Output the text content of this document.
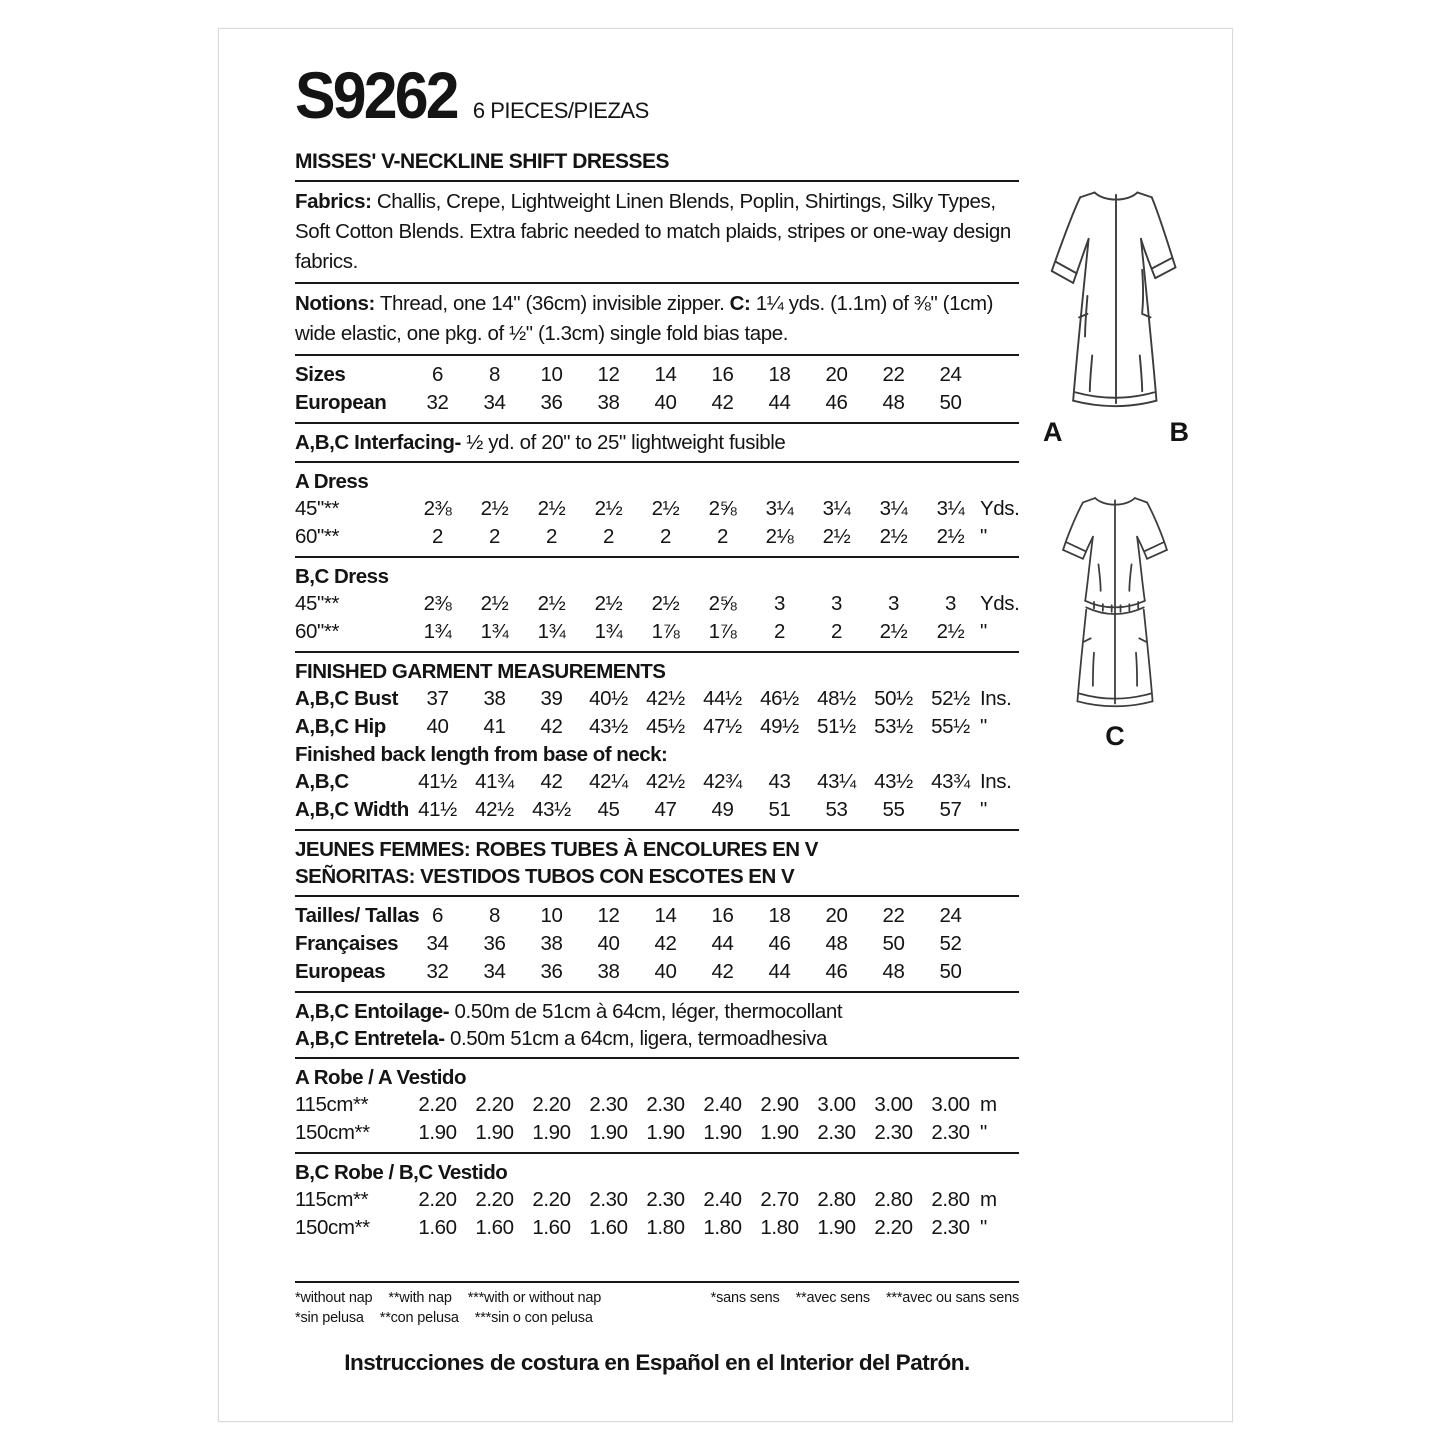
S9262 6 PIECES/PIEZAS
MISSES' V-NECKLINE SHIFT DRESSES
Fabrics: Challis, Crepe, Lightweight Linen Blends, Poplin, Shirtings, Silky Types, Soft Cotton Blends. Extra fabric needed to match plaids, stripes or one-way design fabrics.
Notions: Thread, one 14" (36cm) invisible zipper. C: 1¼ yds. (1.1m) of ⅜" (1cm) wide elastic, one pkg. of ½" (1.3cm) single fold bias tape.
Sizes	6	8	10	12	14	16	18	20	22	24
European	32	34	36	38	40	42	44	46	48	50
A,B,C Interfacing- ½ yd. of 20" to 25" lightweight fusible
A Dress
45"**	2⅜	2½	2½	2½	2½	2⅝	3¼	3¼	3¼	3¼ Yds.
60"**	2	2	2	2	2	2	2⅛	2½	2½	2½ "
B,C Dress
45"**	2⅜	2½	2½	2½	2½	2⅝	3	3	3	3	Yds.
60"**	1¾	1¾	1¾	1¾	1⅞	1⅞	2	2	2½	2½ "
FINISHED GARMENT MEASUREMENTS
A,B,C Bust	37	38	39	40½ 42½ 44½ 46½ 48½ 50½ 52½ Ins.
A,B,C Hip	40	41	42	43½ 45½ 47½ 49½ 51½ 53½ 55½ "
Finished back length from base of neck:
A,B,C	41½ 41¾	42	42¼ 42½ 42¾	43	43¼ 43½ 43¾ Ins.
A,B,C Width 41½ 42½ 43½	45	47	49	51	53	55	57 "
JEUNES FEMMES: ROBES TUBES À ENCOLURES EN V
SEÑORITAS: VESTIDOS TUBOS CON ESCOTES EN V
Tailles/ Tallas 6	8	10	12	14	16	18	20	22	24
Françaises	34	36	38	40	42	44	46	48	50	52
Europeas	32	34	36	38	40	42	44	46	48	50
A,B,C Entoilage- 0.50m de 51cm à 64cm, léger, thermocollant
A,B,C Entretela- 0.50m 51cm a 64cm, ligera, termoadhesiva
A Robe / A Vestido
115cm**	2.20 2.20 2.20 2.30 2.30 2.40 2.90 3.00 3.00 3.00 m
150cm**	1.90 1.90 1.90 1.90 1.90 1.90 1.90 2.30 2.30 2.30 "
B,C Robe / B,C Vestido
115cm**	2.20 2.20 2.20 2.30 2.30 2.40 2.70 2.80 2.80 2.80 m
150cm**	1.60 1.60 1.60 1.60 1.80 1.80 1.80 1.90 2.20 2.30 "
*without nap **with nap ***with or without nap
*sin pelusa **con pelusa ***sin o con pelusa
*sans sens **avec sens ***avec ou sans sens
Instrucciones de costura en Español en el Interior del Patrón.
A	B
C
